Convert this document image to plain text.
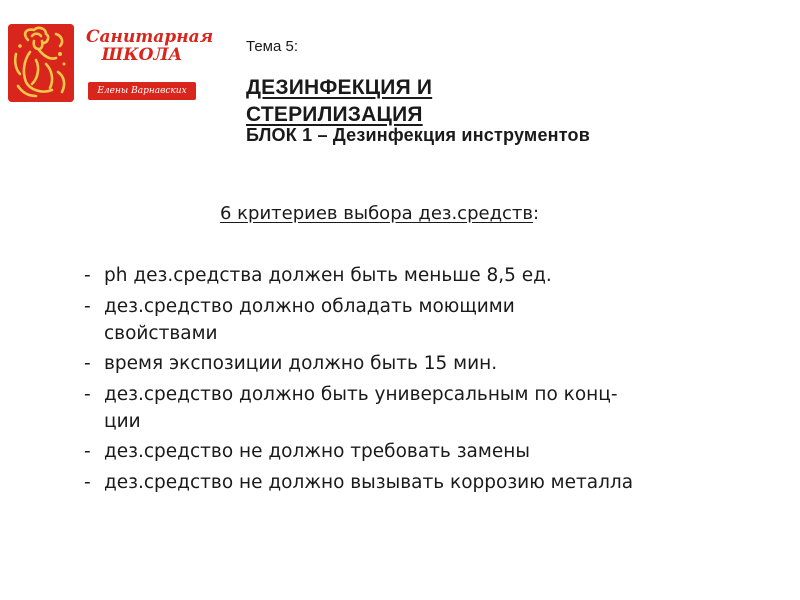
Санитарная
ШКОЛА
Елены Варнавских
Тема 5:
ДЕЗИНФЕКЦИЯ И СТЕРИЛИЗАЦИЯ
БЛОК 1 – Дезинфекция инструментов
6 критериев выбора дез.средств:
- ph дез.средства должен быть меньше 8,5 ед.
- дез.средство должно обладать моющими
свойствами
- время экспозиции должно быть 15 мин.
- дез.средство должно быть универсальным по конц-
ции
- дез.средство не должно требовать замены
- дез.средство не должно вызывать коррозию металла
